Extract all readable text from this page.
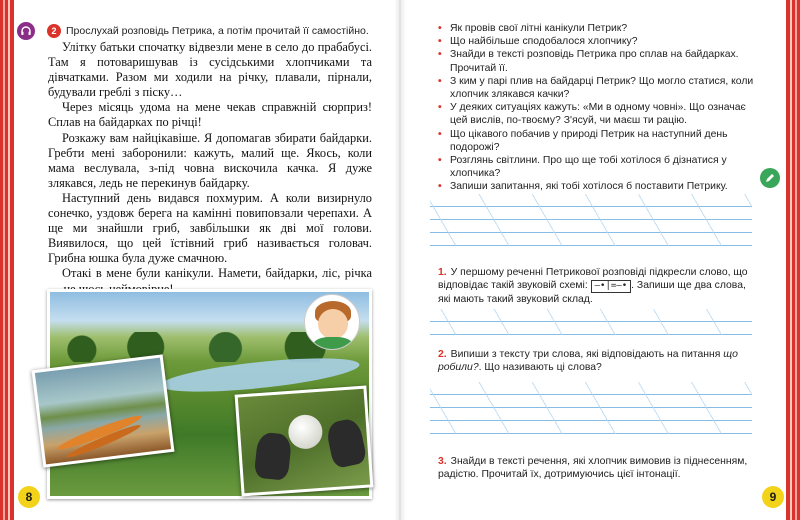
2 Прослухай розповідь Петрика, а потім прочитай її самостійно.

Улітку батьки спочатку відвезли мене в село до прабабусі. Там я потоваришував із сусідськими хлопчиками та дівчатками. Разом ми ходили на річку, плавали, пірнали, будували греблі з піску…

Через місяць удома на мене чекав справжній сюрприз! Сплав на байдарках по річці!

Розкажу вам найцікавіше. Я допомагав збирати байдарки. Гребти мені заборонили: кажуть, малий ще. Якось, коли мама веслувала, з-під човна вискочила качка. Я дуже злякався, ледь не перекинув байдарку.

Наступний день видався похмурим. А коли визирнуло сонечко, уздовж берега на камінні повиповзали черепахи. А ще ми знайшли гриб, завбільшки як дві мої голови. Виявилося, що цей їстівний гриб називається головач. Грибна юшка була дуже смачною.

Отакі в мене були канікули. Намети, байдарки, ліс, річка

8
• Як провів свої літні канікули Петрик?
• Що найбільше сподобалося хлопчику?
• Знайди в тексті розповідь Петрика про сплав на байдарках. Прочитай її.
• З ким у парі плив на байдарці Петрик? Що могло статися, коли хлопчик злякався качки?
• У деяких ситуаціях кажуть: «Ми в одному човні». Що означає цей вислів, по-твоєму? З'ясуй, чи маєш ти рацію.
• Що цікавого побачив у природі Петрик на наступний день подорожі?
• Розглянь світлини. Про що ще тобі хотілося б дізнатися у хлопчика?
• Запиши запитання, які тобі хотілося б поставити Петрику.
1. У першому реченні Петрикової розповіді підкресли слово, що відповідає такій звуковій схемі: –•|=–• . Запиши ще два слова, які мають такий звуковий склад.
2. Випиши з тексту три слова, які відповідають на питання що робили?. Що називають ці слова?
3. Знайди в тексті речення, які хлопчик вимовив із піднесенням, радістю. Прочитай їх, дотримуючись цієї інтонації.
9
